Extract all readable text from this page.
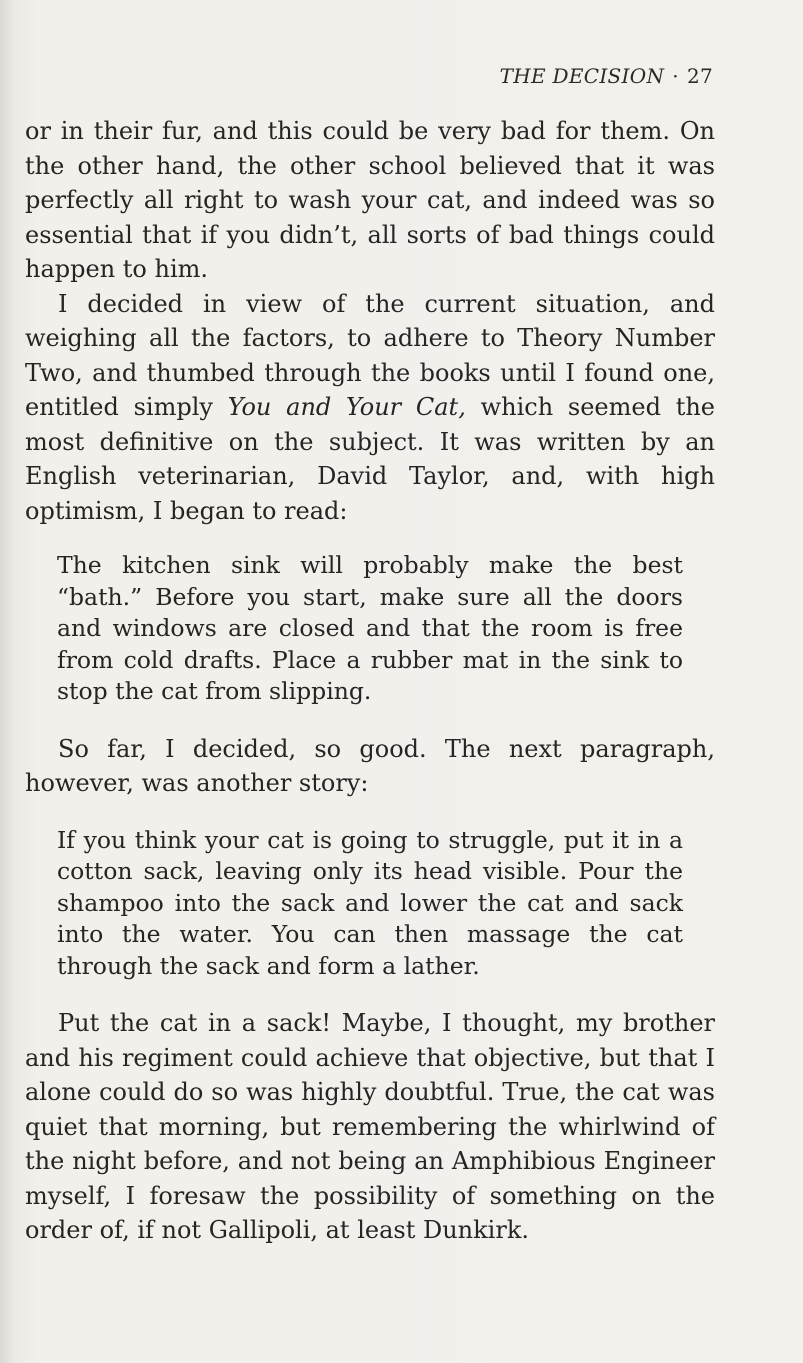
THE DECISION · 27

or in their fur, and this could be very bad for them. On the other hand, the other school believed that it was perfectly all right to wash your cat, and indeed was so essential that if you didn’t, all sorts of bad things could happen to him.

I decided in view of the current situation, and weighing all the factors, to adhere to Theory Number Two, and thumbed through the books until I found one, entitled simply You and Your Cat, which seemed the most definitive on the subject. It was written by an English veterinarian, David Taylor, and, with high optimism, I began to read:

The kitchen sink will probably make the best “bath.” Before you start, make sure all the doors and windows are closed and that the room is free from cold drafts. Place a rubber mat in the sink to stop the cat from slipping.

So far, I decided, so good. The next paragraph, however, was another story:

If you think your cat is going to struggle, put it in a cotton sack, leaving only its head visible. Pour the shampoo into the sack and lower the cat and sack into the water. You can then massage the cat through the sack and form a lather.

Put the cat in a sack! Maybe, I thought, my brother and his regiment could achieve that objective, but that I alone could do so was highly doubtful. True, the cat was quiet that morning, but remembering the whirlwind of the night before, and not being an Amphibious Engineer myself, I foresaw the possibility of something on the order of, if not Gallipoli, at least Dunkirk.
